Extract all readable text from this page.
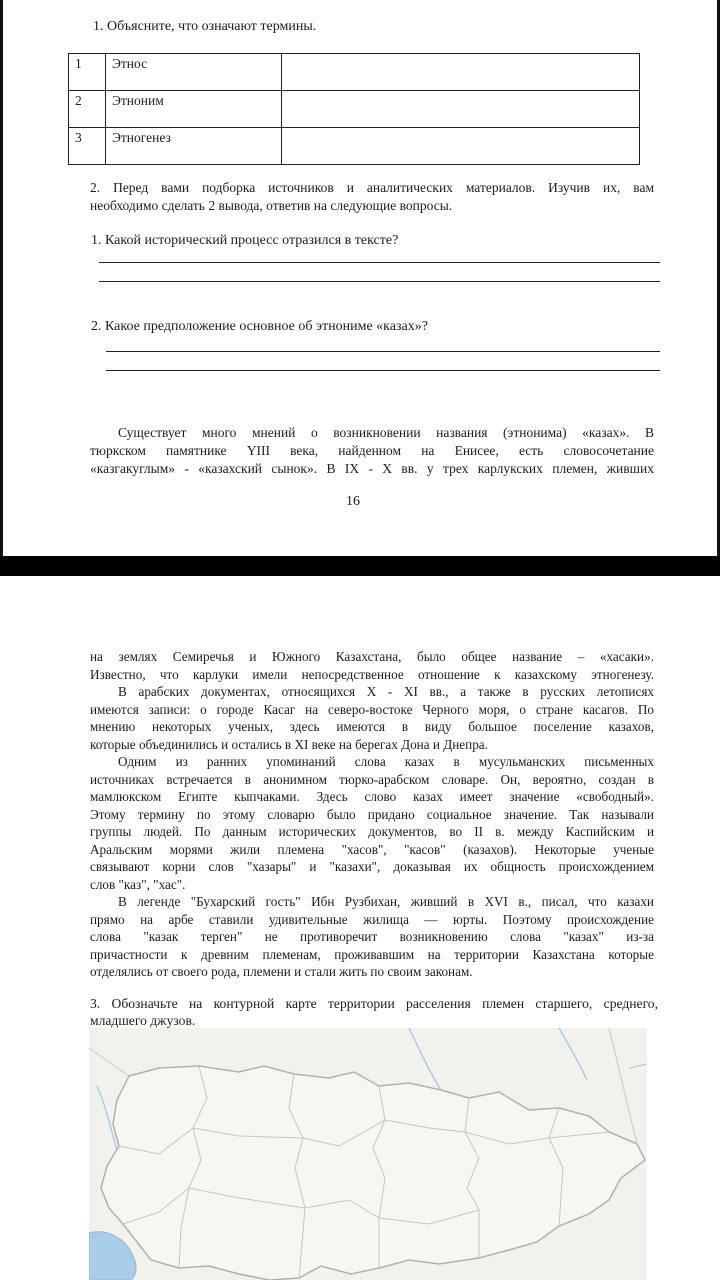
1. Объясните, что означают термины.
1	Этнос	
2	Этноним	
3	Этногенез	
2. Перед вами подборка источников и аналитических материалов. Изучив их, вам
необходимо сделать 2 вывода, ответив на следующие вопросы.
1. Какой исторический процесс отразился в тексте?
2. Какое предположение основное об этнониме «казах»?
Существует много мнений о возникновении названия (этнонима) «казах». В
тюркском памятнике YIII века, найденном на Енисее, есть словосочетание
«казгакуглым» - «казахский сынок». В IX - X вв. у трех карлукских племен, живших
16
на землях Семиречья и Южного Казахстана, было общее название – «хасаки».
Известно, что карлуки имели непосредственное отношение к казахскому этногенезу.
В арабских документах, относящихся X - XI вв., а также в русских летописях
имеются записи: о городе Касаг на северо-востоке Черного моря, о стране касагов. По
мнению некоторых ученых, здесь имеются в виду большое поселение казахов,
которые объединились и остались в XI веке на берегах Дона и Днепра.
Одним из ранних упоминаний слова казах в мусульманских письменных
источниках встречается в анонимном тюрко-арабском словаре. Он, вероятно, создан в
мамлюкском Египте кыпчаками. Здесь слово казах имеет значение «свободный».
Этому термину по этому словарю было придано социальное значение. Так называли
группы людей. По данным исторических документов, во II в. между Каспийским и
Аральским морями жили племена "хасов", "касов" (казахов). Некоторые ученые
связывают корни слов "хазары" и "казахи", доказывая их общность происхождением
слов "каз", "хас".
В легенде "Бухарский гость" Ибн Рузбихан, живший в XVI в., писал, что казахи
прямо на арбе ставили удивительные жилища — юрты. Поэтому происхождение
слова "казак терген" не противоречит возникновению слова "казах" из-за
причастности к древним племенам, проживавшим на территории Казахстана которые
отделялись от своего рода, племени и стали жить по своим законам.
3. Обозначьте на контурной карте территории расселения племен старшего, среднего,
младшего джузов.
